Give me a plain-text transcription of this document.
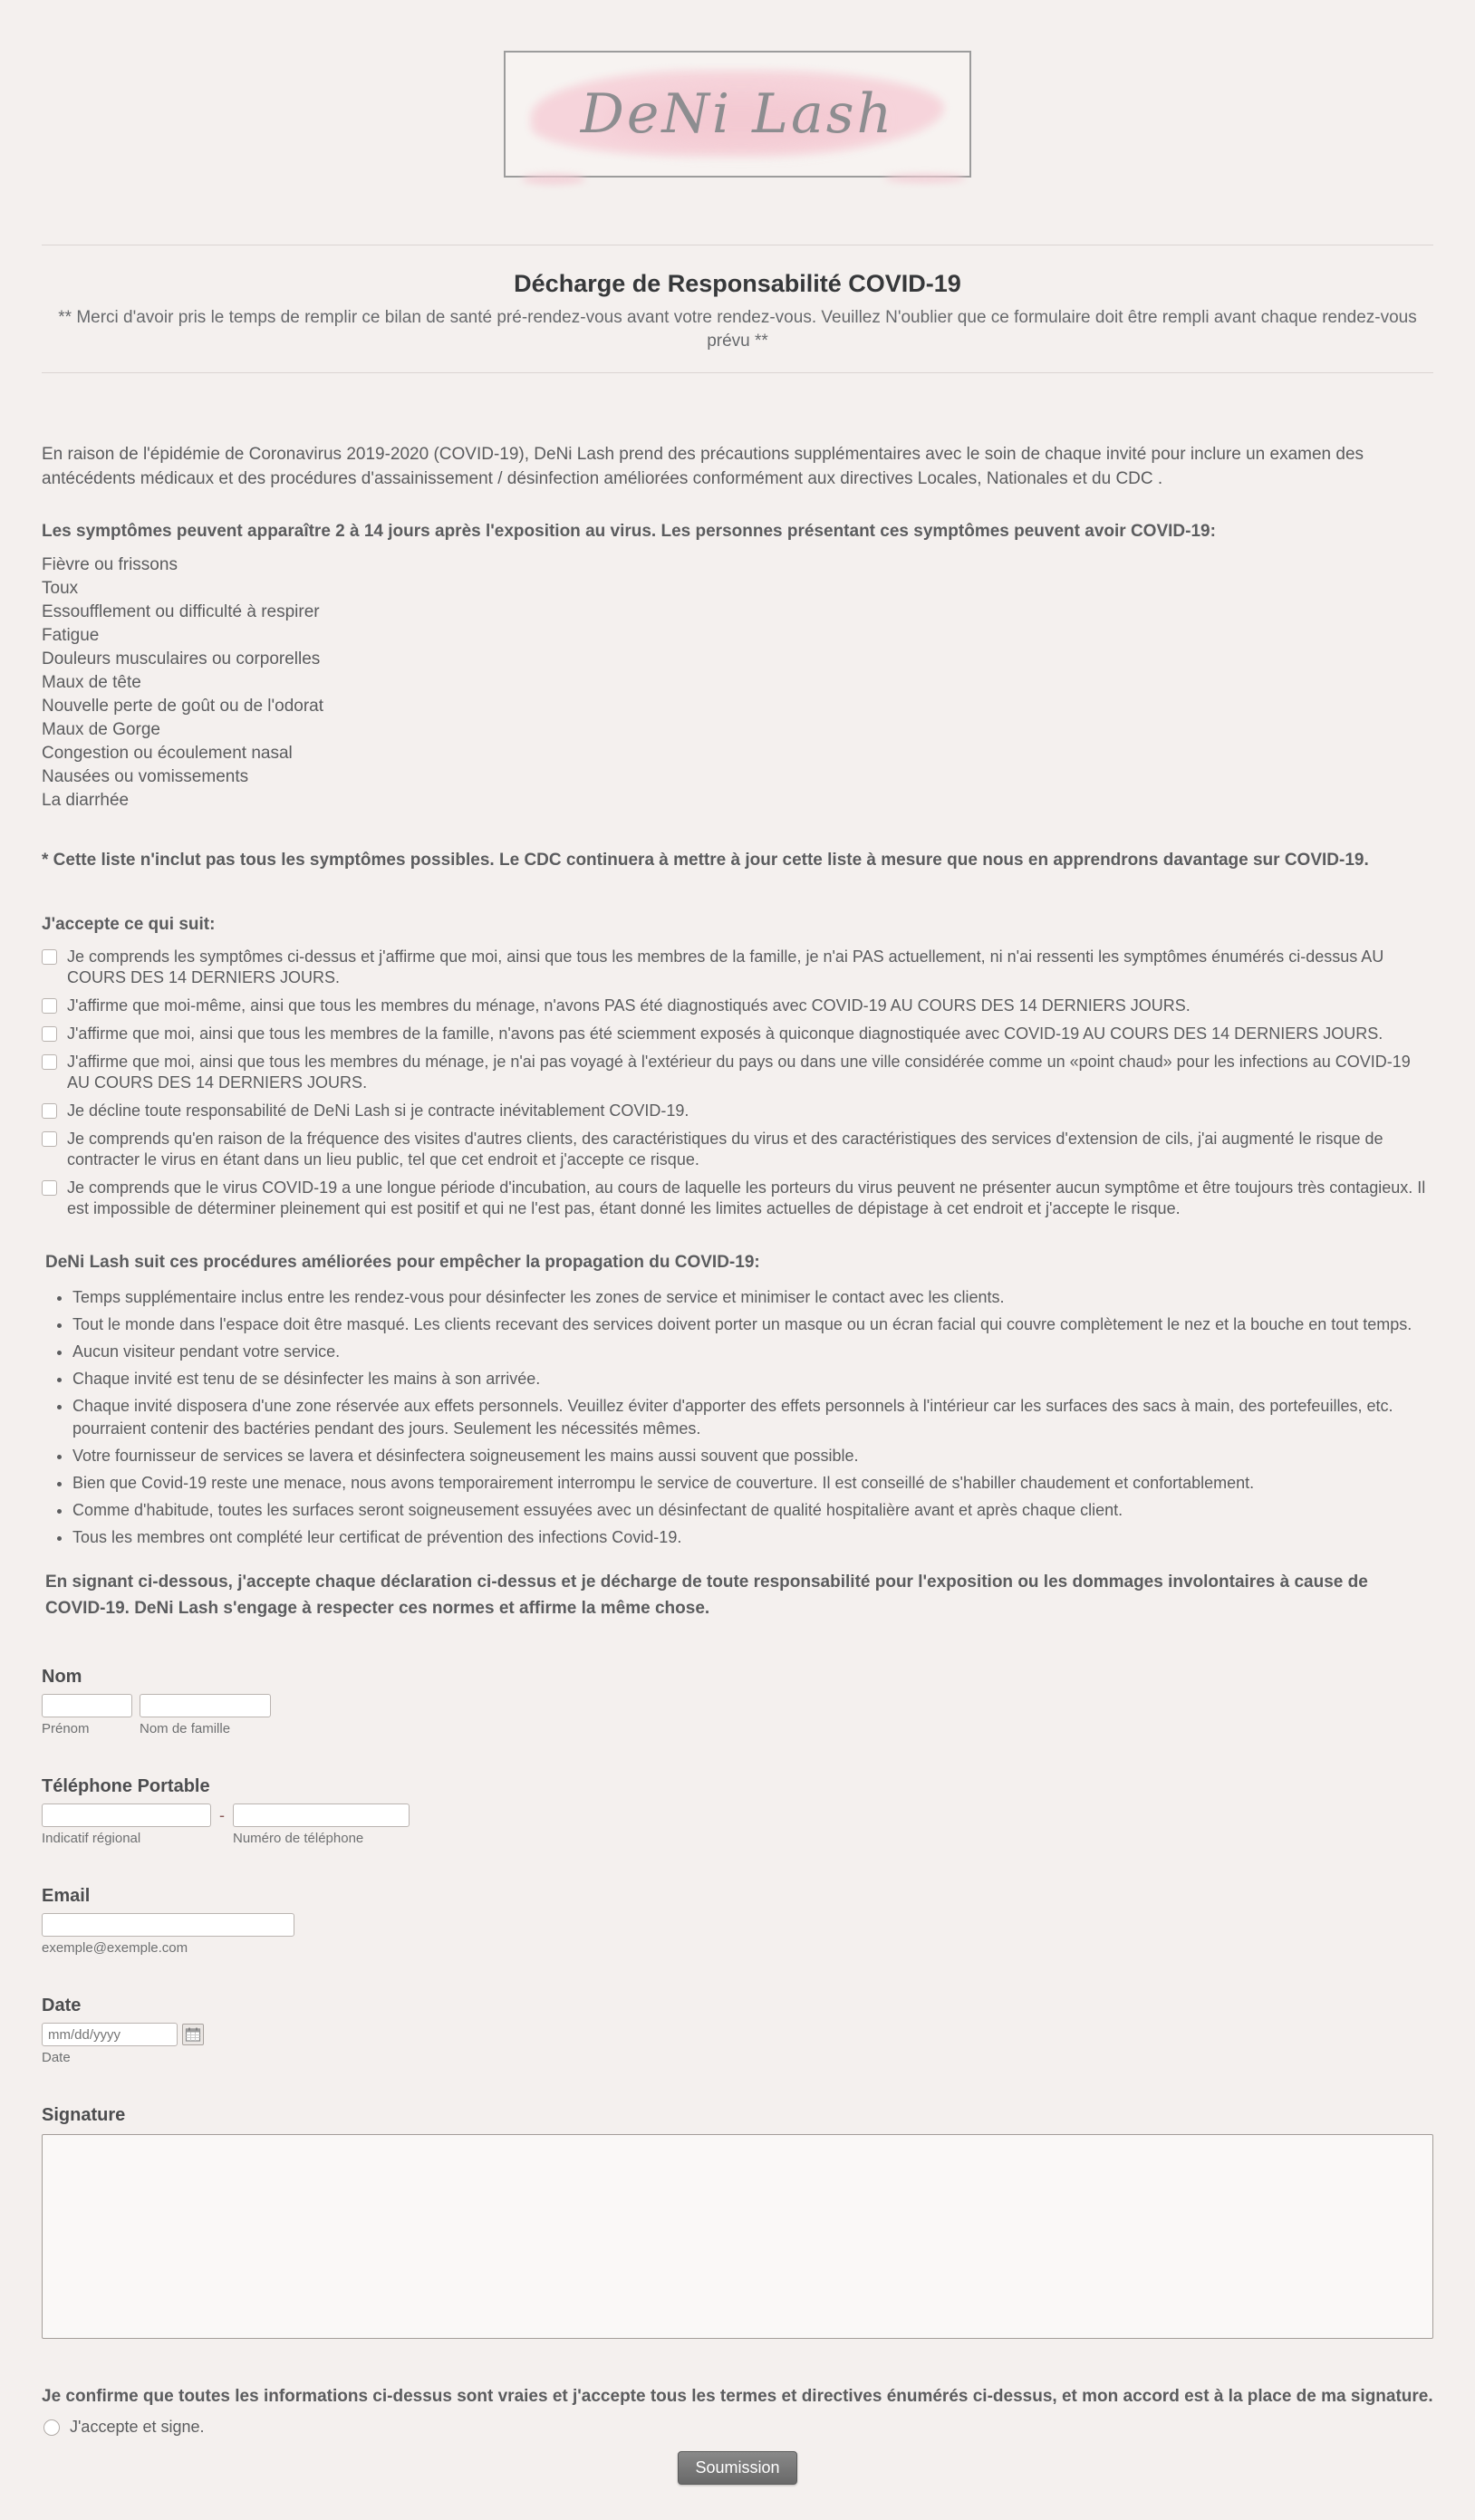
DeNi Lash
Décharge de Responsabilité COVID-19

** Merci d'avoir pris le temps de remplir ce bilan de santé pré-rendez-vous avant votre rendez-vous. Veuillez N'oublier que ce formulaire doit être rempli avant chaque rendez-vous prévu **

En raison de l'épidémie de Coronavirus 2019-2020 (COVID-19), DeNi Lash prend des précautions supplémentaires avec le soin de chaque invité pour inclure un examen des antécédents médicaux et des procédures d'assainissement / désinfection améliorées conformément aux directives Locales, Nationales et du CDC .

Les symptômes peuvent apparaître 2 à 14 jours après l'exposition au virus. Les personnes présentant ces symptômes peuvent avoir COVID-19:

Fièvre ou frissons
Toux
Essoufflement ou difficulté à respirer
Fatigue
Douleurs musculaires ou corporelles
Maux de tête
Nouvelle perte de goût ou de l'odorat
Maux de Gorge
Congestion ou écoulement nasal
Nausées ou vomissements
La diarrhée

* Cette liste n'inclut pas tous les symptômes possibles. Le CDC continuera à mettre à jour cette liste à mesure que nous en apprendrons davantage sur COVID-19.

J'accepte ce qui suit:

Je comprends les symptômes ci-dessus et j'affirme que moi, ainsi que tous les membres de la famille, je n'ai PAS actuellement, ni n'ai ressenti les symptômes énumérés ci-dessus AU COURS DES 14 DERNIERS JOURS.
J'affirme que moi-même, ainsi que tous les membres du ménage, n'avons PAS été diagnostiqués avec COVID-19 AU COURS DES 14 DERNIERS JOURS.
J'affirme que moi, ainsi que tous les membres de la famille, n'avons pas été sciemment exposés à quiconque diagnostiquée avec COVID-19 AU COURS DES 14 DERNIERS JOURS.
J'affirme que moi, ainsi que tous les membres du ménage, je n'ai pas voyagé à l'extérieur du pays ou dans une ville considérée comme un «point chaud» pour les infections au COVID-19 AU COURS DES 14 DERNIERS JOURS.
Je décline toute responsabilité de DeNi Lash si je contracte inévitablement COVID-19.
Je comprends qu'en raison de la fréquence des visites d'autres clients, des caractéristiques du virus et des caractéristiques des services d'extension de cils, j'ai augmenté le risque de contracter le virus en étant dans un lieu public, tel que cet endroit et j'accepte ce risque.
Je comprends que le virus COVID-19 a une longue période d'incubation, au cours de laquelle les porteurs du virus peuvent ne présenter aucun symptôme et être toujours très contagieux. Il est impossible de déterminer pleinement qui est positif et qui ne l'est pas, étant donné les limites actuelles de dépistage à cet endroit et j'accepte le risque.

DeNi Lash suit ces procédures améliorées pour empêcher la propagation du COVID-19:

• Temps supplémentaire inclus entre les rendez-vous pour désinfecter les zones de service et minimiser le contact avec les clients.
• Tout le monde dans l'espace doit être masqué. Les clients recevant des services doivent porter un masque ou un écran facial qui couvre complètement le nez et la bouche en tout temps.
• Aucun visiteur pendant votre service.
• Chaque invité est tenu de se désinfecter les mains à son arrivée.
• Chaque invité disposera d'une zone réservée aux effets personnels. Veuillez éviter d'apporter des effets personnels à l'intérieur car les surfaces des sacs à main, des portefeuilles, etc. pourraient contenir des bactéries pendant des jours. Seulement les nécessités mêmes.
• Votre fournisseur de services se lavera et désinfectera soigneusement les mains aussi souvent que possible.
• Bien que Covid-19 reste une menace, nous avons temporairement interrompu le service de couverture. Il est conseillé de s'habiller chaudement et confortablement.
• Comme d'habitude, toutes les surfaces seront soigneusement essuyées avec un désinfectant de qualité hospitalière avant et après chaque client.
• Tous les membres ont complété leur certificat de prévention des infections Covid-19.

En signant ci-dessous, j'accepte chaque déclaration ci-dessus et je décharge de toute responsabilité pour l'exposition ou les dommages involontaires à cause de COVID-19. DeNi Lash s'engage à respecter ces normes et affirme la même chose.

Nom
Prénom	Nom de famille
Téléphone Portable
Indicatif régional
-
Numéro de téléphone
Email
exemple@exemple.com
Date
mm/dd/yyyy
Date
Signature

Je confirme que toutes les informations ci-dessus sont vraies et j'accepte tous les termes et directives énumérés ci-dessus, et mon accord est à la place de ma signature.

J'accepte et signe.
Soumission
